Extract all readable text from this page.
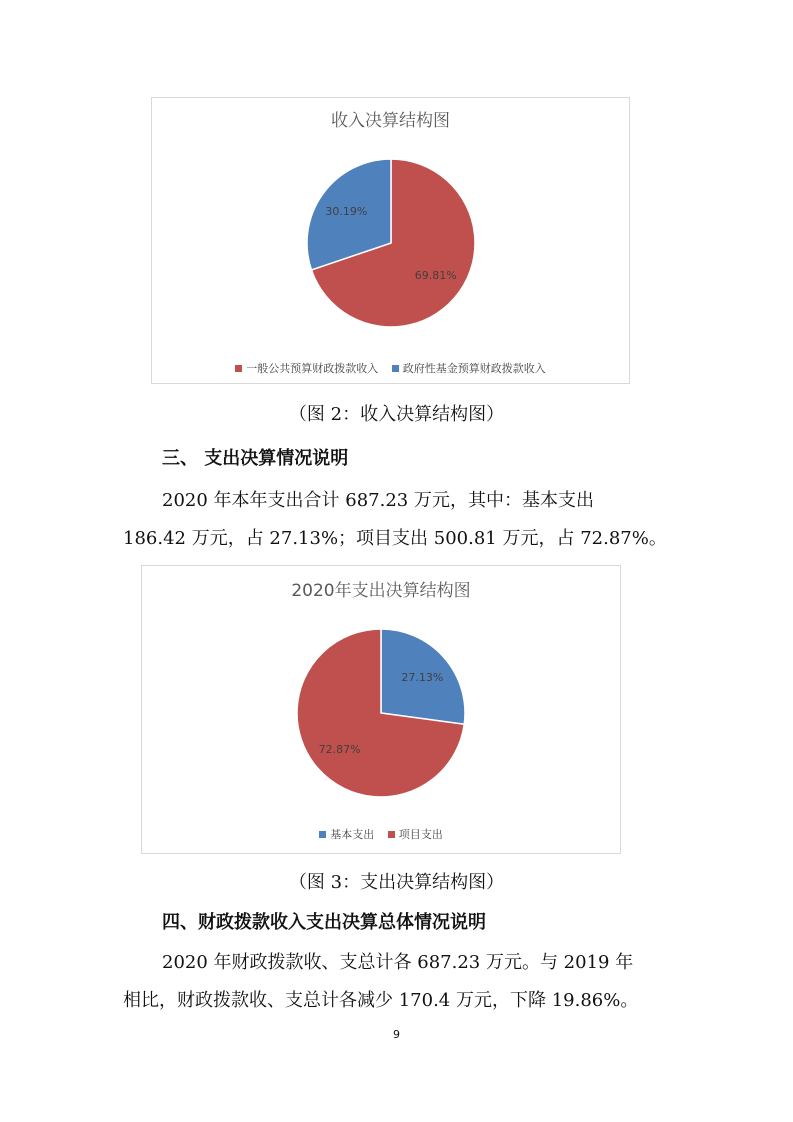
收入决算结构图
69.81%
30.19%
一般公共预算财政拨款收入 政府性基金预算财政拨款收入
（图 2：收入决算结构图）
三、 支出决算情况说明
2020 年本年支出合计 687.23 万元，其中：基本支出
186.42 万元，占 27.13%；项目支出 500.81 万元，占 72.87%。
2020年支出决算结构图
27.13%
72.87%
基本支出 项目支出
（图 3：支出决算结构图）
四、财政拨款收入支出决算总体情况说明
2020 年财政拨款收、支总计各 687.23 万元。与 2019 年
相比，财政拨款收、支总计各减少 170.4 万元，下降 19.86%。
9
